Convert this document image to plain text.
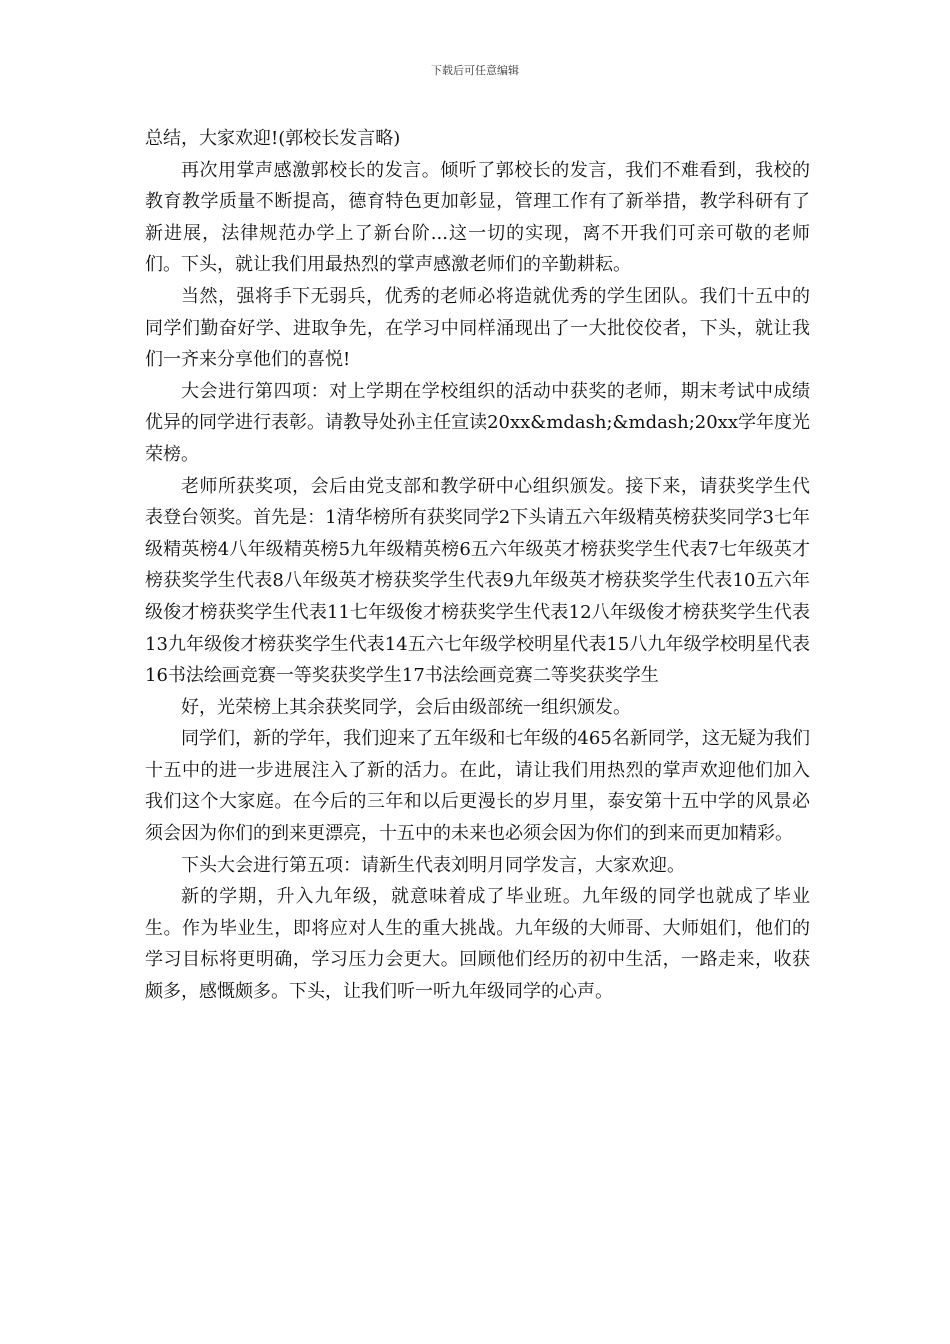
下载后可任意编辑

总结，大家欢迎!(郭校长发言略)

再次用掌声感激郭校长的发言。倾听了郭校长的发言，我们不难看到，我校的教育教学质量不断提高，德育特色更加彰显，管理工作有了新举措，教学科研有了新进展，法律规范办学上了新台阶...这一切的实现，离不开我们可亲可敬的老师们。下头，就让我们用最热烈的掌声感激老师们的辛勤耕耘。

当然，强将手下无弱兵，优秀的老师必将造就优秀的学生团队。我们十五中的同学们勤奋好学、进取争先，在学习中同样涌现出了一大批佼佼者，下头，就让我们一齐来分享他们的喜悦!

大会进行第四项：对上学期在学校组织的活动中获奖的老师，期末考试中成绩优异的同学进行表彰。请教导处孙主任宣读20xx&mdash;&mdash;20xx学年度光荣榜。

老师所获奖项，会后由党支部和教学研中心组织颁发。接下来，请获奖学生代表登台领奖。首先是：1清华榜所有获奖同学2下头请五六年级精英榜获奖同学3七年级精英榜4八年级精英榜5九年级精英榜6五六年级英才榜获奖学生代表7七年级英才榜获奖学生代表8八年级英才榜获奖学生代表9九年级英才榜获奖学生代表10五六年级俊才榜获奖学生代表11七年级俊才榜获奖学生代表12八年级俊才榜获奖学生代表13九年级俊才榜获奖学生代表14五六七年级学校明星代表15八九年级学校明星代表16书法绘画竞赛一等奖获奖学生17书法绘画竞赛二等奖获奖学生

好，光荣榜上其余获奖同学，会后由级部统一组织颁发。

同学们，新的学年，我们迎来了五年级和七年级的465名新同学，这无疑为我们十五中的进一步进展注入了新的活力。在此，请让我们用热烈的掌声欢迎他们加入我们这个大家庭。在今后的三年和以后更漫长的岁月里，泰安第十五中学的风景必须会因为你们的到来更漂亮，十五中的未来也必须会因为你们的到来而更加精彩。

下头大会进行第五项：请新生代表刘明月同学发言，大家欢迎。

新的学期，升入九年级，就意味着成了毕业班。九年级的同学也就成了毕业生。作为毕业生，即将应对人生的重大挑战。九年级的大师哥、大师姐们，他们的学习目标将更明确，学习压力会更大。回顾他们经历的初中生活，一路走来，收获颇多，感慨颇多。下头，让我们听一听九年级同学的心声。
